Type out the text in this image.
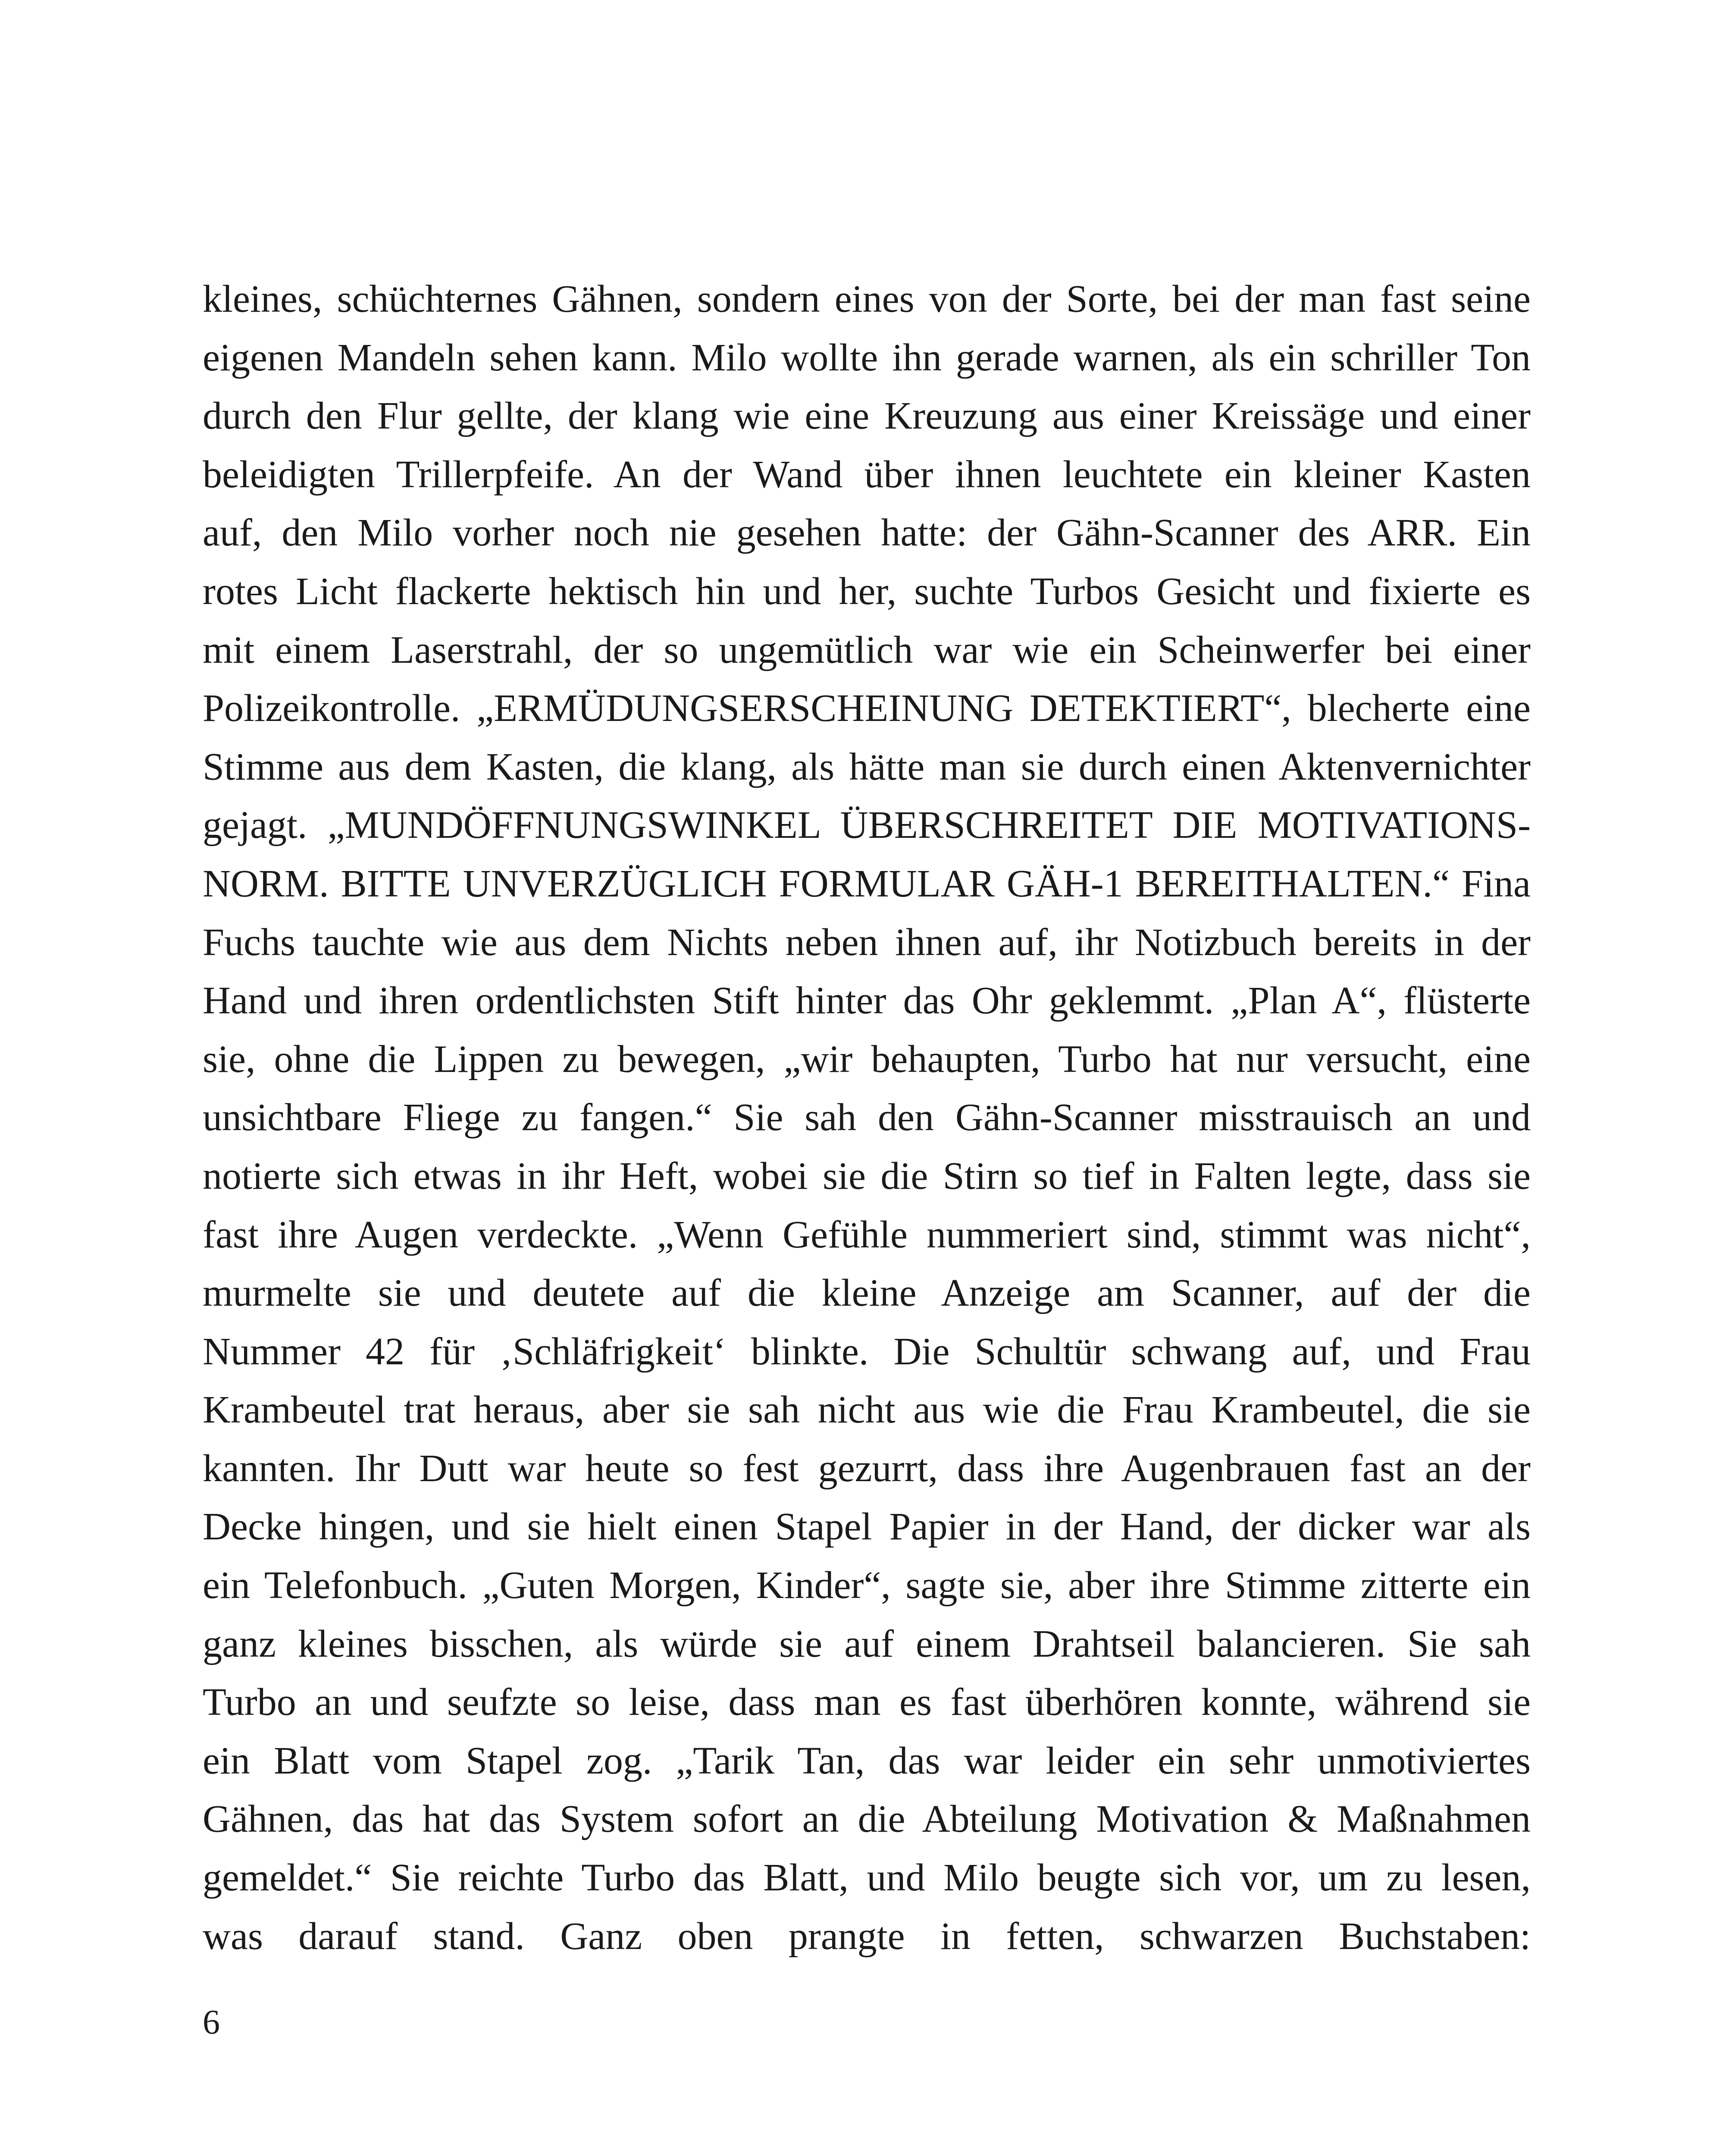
kleines, schüchternes Gähnen, sondern eines von der Sorte, bei der man fast seine
eigenen Mandeln sehen kann. Milo wollte ihn gerade warnen, als ein schriller Ton
durch den Flur gellte, der klang wie eine Kreuzung aus einer Kreissäge und einer
beleidigten Trillerpfeife. An der Wand über ihnen leuchtete ein kleiner Kasten
auf, den Milo vorher noch nie gesehen hatte: der Gähn-Scanner des ARR. Ein
rotes Licht flackerte hektisch hin und her, suchte Turbos Gesicht und fixierte es
mit einem Laserstrahl, der so ungemütlich war wie ein Scheinwerfer bei einer
Polizeikontrolle. „ERMÜDUNGSERSCHEINUNG DETEKTIERT“, blecherte eine
Stimme aus dem Kasten, die klang, als hätte man sie durch einen Aktenvernichter
gejagt. „MUNDÖFFNUNGSWINKEL ÜBERSCHREITET DIE MOTIVATIONS-
NORM. BITTE UNVERZÜGLICH FORMULAR GÄH-1 BEREITHALTEN.“ Fina
Fuchs tauchte wie aus dem Nichts neben ihnen auf, ihr Notizbuch bereits in der
Hand und ihren ordentlichsten Stift hinter das Ohr geklemmt. „Plan A“, flüsterte
sie, ohne die Lippen zu bewegen, „wir behaupten, Turbo hat nur versucht, eine
unsichtbare Fliege zu fangen.“ Sie sah den Gähn-Scanner misstrauisch an und
notierte sich etwas in ihr Heft, wobei sie die Stirn so tief in Falten legte, dass sie
fast ihre Augen verdeckte. „Wenn Gefühle nummeriert sind, stimmt was nicht“,
murmelte sie und deutete auf die kleine Anzeige am Scanner, auf der die
Nummer 42 für ‚Schläfrigkeit‘ blinkte. Die Schultür schwang auf, und Frau
Krambeutel trat heraus, aber sie sah nicht aus wie die Frau Krambeutel, die sie
kannten. Ihr Dutt war heute so fest gezurrt, dass ihre Augenbrauen fast an der
Decke hingen, und sie hielt einen Stapel Papier in der Hand, der dicker war als
ein Telefonbuch. „Guten Morgen, Kinder“, sagte sie, aber ihre Stimme zitterte ein
ganz kleines bisschen, als würde sie auf einem Drahtseil balancieren. Sie sah
Turbo an und seufzte so leise, dass man es fast überhören konnte, während sie
ein Blatt vom Stapel zog. „Tarik Tan, das war leider ein sehr unmotiviertes
Gähnen, das hat das System sofort an die Abteilung Motivation & Maßnahmen
gemeldet.“ Sie reichte Turbo das Blatt, und Milo beugte sich vor, um zu lesen,
was darauf stand. Ganz oben prangte in fetten, schwarzen Buchstaben:
6
